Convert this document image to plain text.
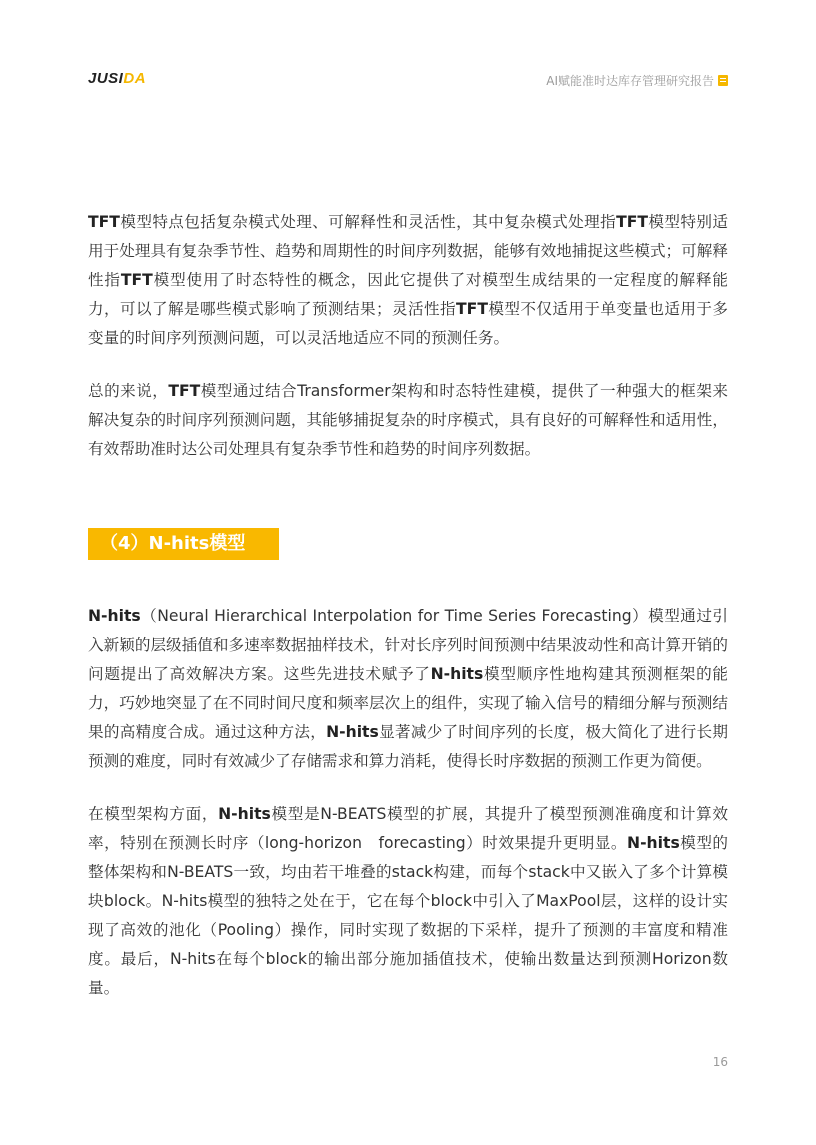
JUSIDA	AI赋能准时达库存管理研究报告

TFT模型特点包括复杂模式处理、可解释性和灵活性，其中复杂模式处理指TFT模型特别适用于处理具有复杂季节性、趋势和周期性的时间序列数据，能够有效地捕捉这些模式；可解释性指TFT模型使用了时态特性的概念，因此它提供了对模型生成结果的一定程度的解释能力，可以了解是哪些模式影响了预测结果；灵活性指TFT模型不仅适用于单变量也适用于多变量的时间序列预测问题，可以灵活地适应不同的预测任务。

总的来说，TFT模型通过结合Transformer架构和时态特性建模，提供了一种强大的框架来解决复杂的时间序列预测问题，其能够捕捉复杂的时序模式，具有良好的可解释性和适用性，有效帮助准时达公司处理具有复杂季节性和趋势的时间序列数据。

（4）N-hits模型

N-hits（Neural Hierarchical Interpolation for Time Series Forecasting）模型通过引入新颖的层级插值和多速率数据抽样技术，针对长序列时间预测中结果波动性和高计算开销的问题提出了高效解决方案。这些先进技术赋予了N-hits模型顺序性地构建其预测框架的能力，巧妙地突显了在不同时间尺度和频率层次上的组件，实现了输入信号的精细分解与预测结果的高精度合成。通过这种方法，N-hits显著减少了时间序列的长度，极大简化了进行长期预测的难度，同时有效减少了存储需求和算力消耗，使得长时序数据的预测工作更为简便。

在模型架构方面，N-hits模型是N-BEATS模型的扩展，其提升了模型预测准确度和计算效率，特别在预测长时序（long-horizon　forecasting）时效果提升更明显。N-hits模型的整体架构和N-BEATS一致，均由若干堆叠的stack构建，而每个stack中又嵌入了多个计算模块block。N-hits模型的独特之处在于，它在每个block中引入了MaxPool层，这样的设计实现了高效的池化（Pooling）操作，同时实现了数据的下采样，提升了预测的丰富度和精准度。最后，N-hits在每个block的输出部分施加插值技术，使输出数量达到预测Horizon数量。

16
